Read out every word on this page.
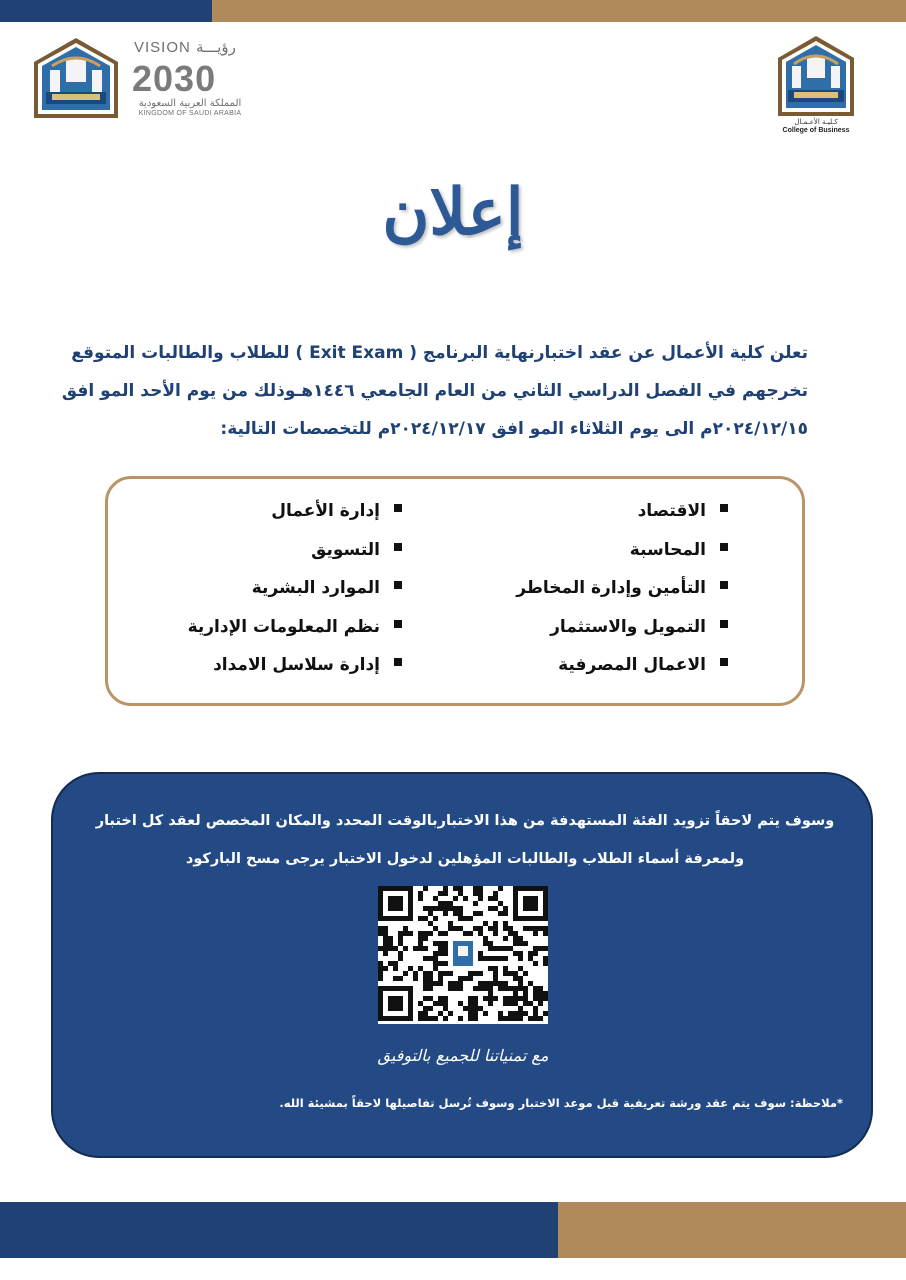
VISION رؤيـــة
2030
المملكة العربية السعودية
KINGDOM OF SAUDI ARABIA
كـليـة الأعـمـال
College of Business
إعلان

تعلن كلية الأعمال عن عقد اختبارنهاية البرنامج ( Exit Exam ) للطلاب والطالبات المتوقع

تخرجهم في الفصل الدراسي الثاني من العام الجامعي ١٤٤٦هـوذلك من يوم الأحد المو افق

٢٠٢٤/١٢/١٥م الى يوم الثلاثاء المو افق ٢٠٢٤/١٢/١٧م للتخصصات التالية:

الاقتصاد
المحاسبة
التأمين وإدارة المخاطر
التمويل والاستثمار
الاعمال المصرفية
إدارة الأعمال
التسويق
الموارد البشرية
نظم المعلومات الإدارية
إدارة سلاسل الامداد

وسوف يتم لاحقاً تزويد الفئة المستهدفة من هذا الاختباربالوقت المحدد والمكان المخصص لعقد كل اختبار

ولمعرفة أسماء الطلاب والطالبات المؤهلين لدخول الاختبار يرجى مسح الباركود

مع تمنياتنا للجميع بالتوفيق
*ملاحظة: سوف يتم عقد ورشة تعريفية قبل موعد الاختبار وسوف تُرسل تفاصيلها لاحقاً بمشيئة الله.
